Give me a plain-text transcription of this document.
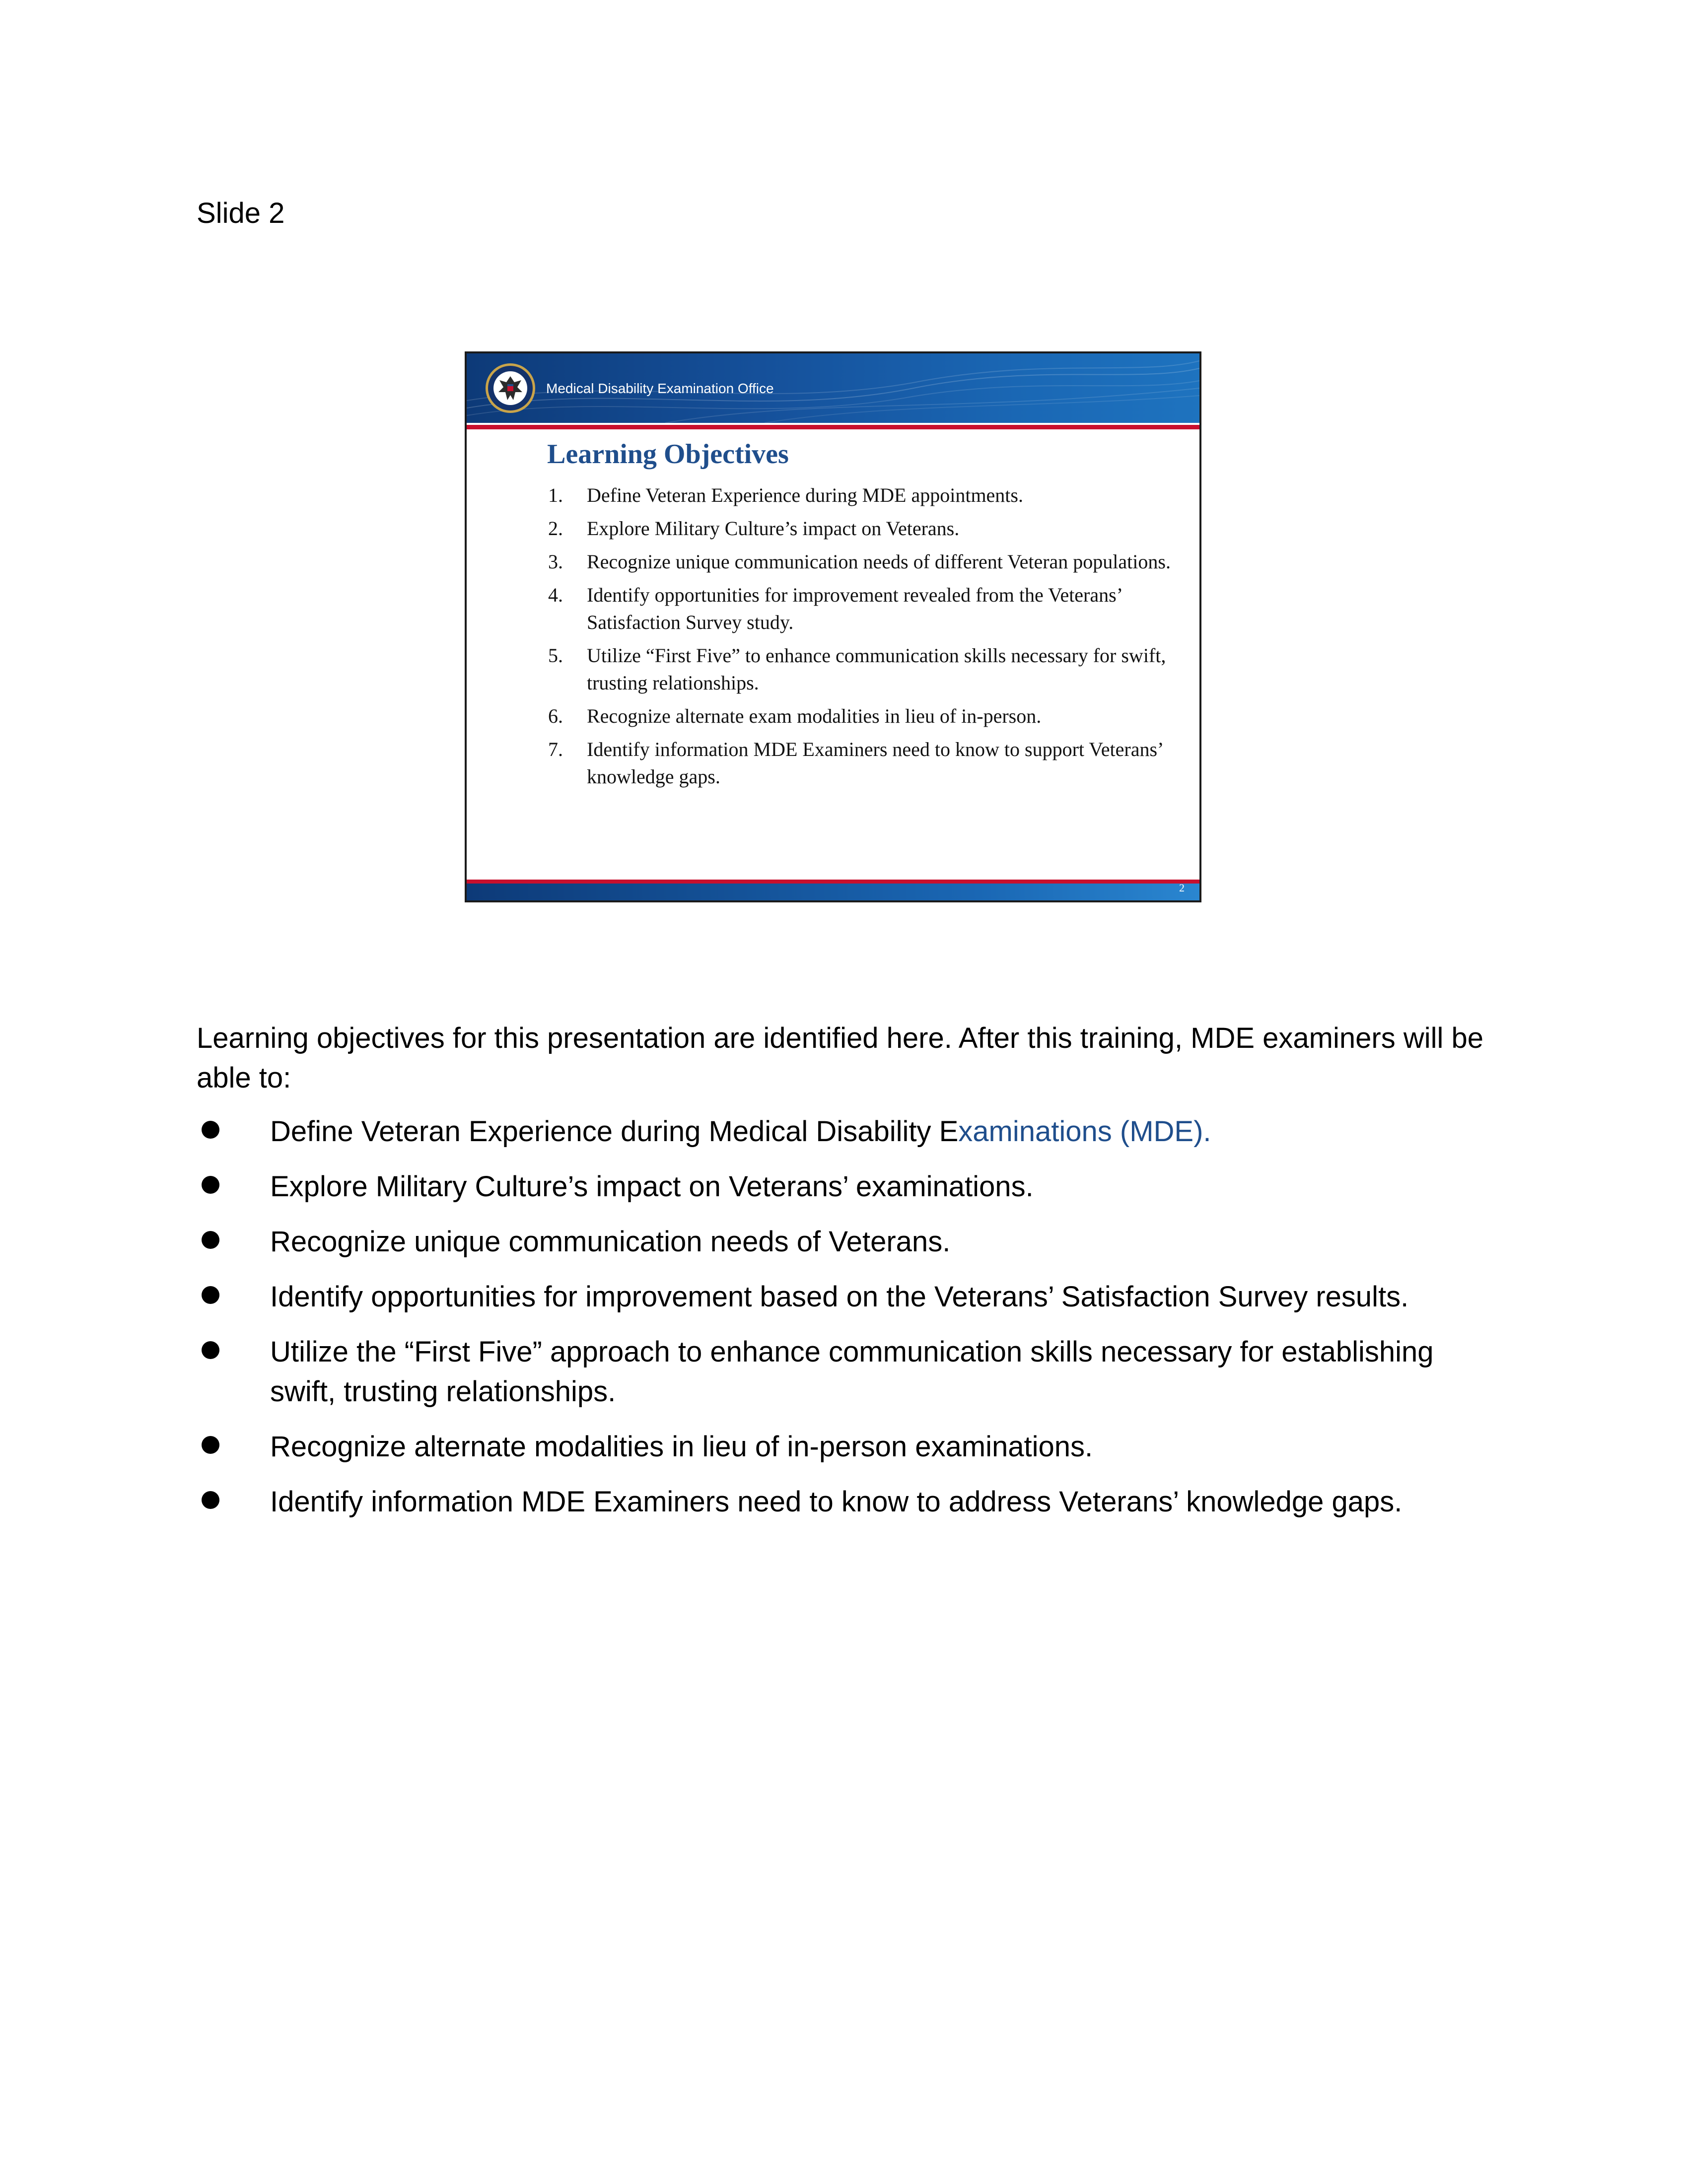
Slide 2
Medical Disability Examination Office
Learning Objectives
1. Define Veteran Experience during MDE appointments.
2. Explore Military Culture’s impact on Veterans.
3. Recognize unique communication needs of different Veteran populations.
4. Identify opportunities for improvement revealed from the Veterans’ Satisfaction Survey study.
5. Utilize “First Five” to enhance communication skills necessary for swift, trusting relationships.
6. Recognize alternate exam modalities in lieu of in-person.
7. Identify information MDE Examiners need to know to support Veterans’ knowledge gaps.
2
Learning objectives for this presentation are identified here. After this training, MDE examiners will be able to:
Define Veteran Experience during Medical Disability Examinations (MDE).
Explore Military Culture’s impact on Veterans’ examinations.
Recognize unique communication needs of Veterans.
Identify opportunities for improvement based on the Veterans’ Satisfaction Survey results.
Utilize the “First Five” approach to enhance communication skills necessary for establishing swift, trusting relationships.
Recognize alternate modalities in lieu of in-person examinations.
Identify information MDE Examiners need to know to address Veterans’ knowledge gaps.
